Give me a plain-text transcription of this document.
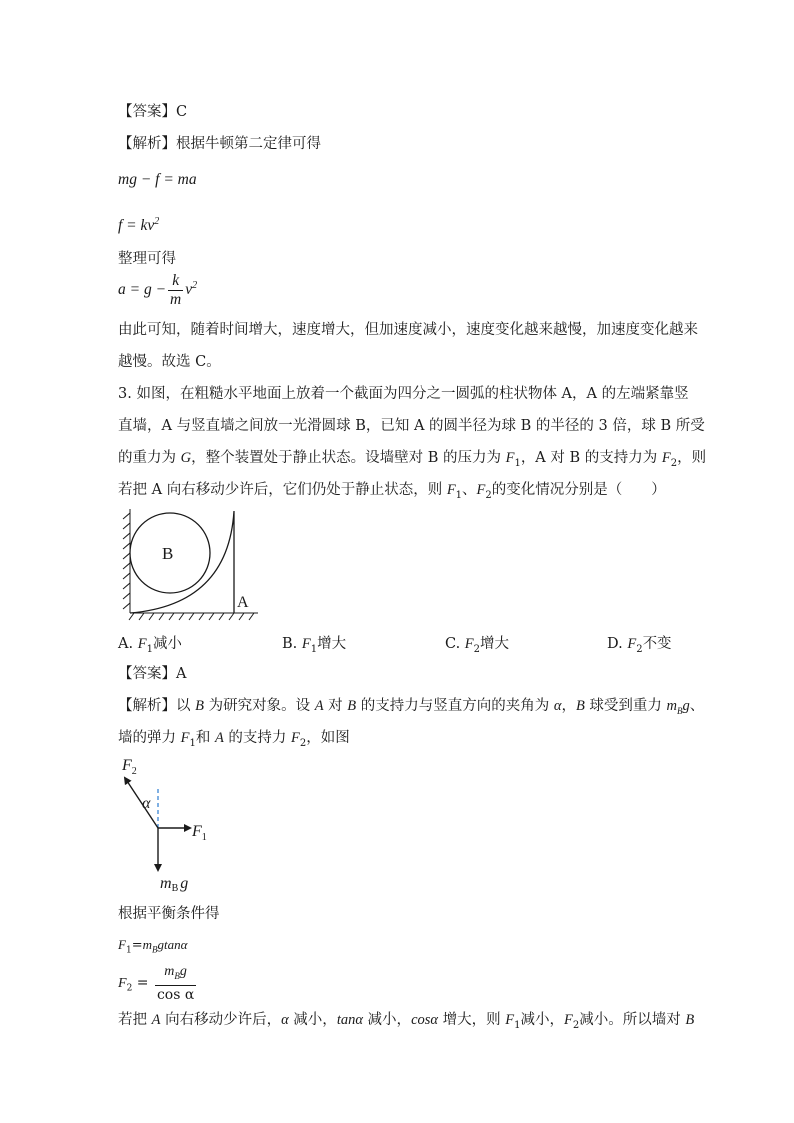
【答案】C
【解析】根据牛顿第二定律可得
mg − f = ma
$f = kv^2$
整理可得
$a = g - \frac{k}{m} v^2$
由此可知，随着时间增大，速度增大，但加速度减小，速度变化越来越慢，加速度变化越来
越慢。故选 C。
3. 如图，在粗糙水平地面上放着一个截面为四分之一圆弧的柱状物体 A，A 的左端紧靠竖
直墙，A 与竖直墙之间放一光滑圆球 B，已知 A 的圆半径为球 B 的半径的 3 倍，球 B 所受
的重力为 G，整个装置处于静止状态。设墙壁对 B 的压力为 $F_1$，A 对 B 的支持力为 $F_2$，则
若把 A 向右移动少许后，它们仍处于静止状态，则 $F_1$、$F_2$的变化情况分别是（　　）
B
A
A. $F_1$减小	B. $F_1$增大	C. $F_2$增大	D. $F_2$不变
【答案】A
【解析】以 B 为研究对象。设 A 对 B 的支持力与竖直方向的夹角为 α，B 球受到重力 $m_Bg$、
墙的弹力 $F_1$和 A 的支持力 $F_2$，如图
$F_2$
α
$F_1$
mB g
根据平衡条件得
$F_1=m_Bgtan\alpha$
$F_2 = \frac{m_Bg}{\text{cos α}}$
若把 A 向右移动少许后，α 减小，tanα 减小，cosα 增大，则 $F_1$减小，$F_2$减小。所以墙对 B
